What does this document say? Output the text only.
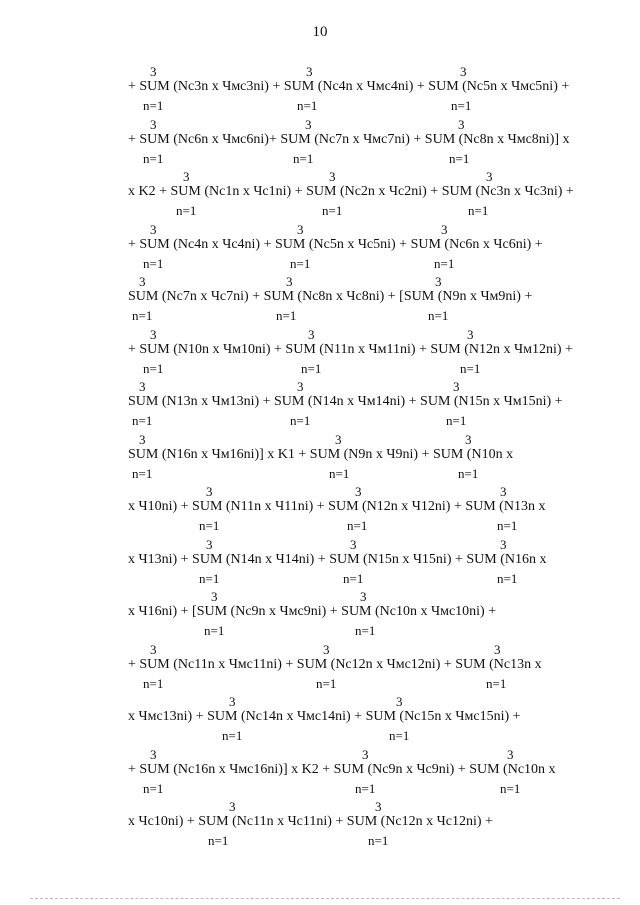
10
3	3	3
+ SUM (Nc3n x Чмс3ni) + SUM (Nc4n x Чмс4ni) + SUM (Nc5n x Чмс5ni) +
n=1	n=1	n=1
3	3	3
+ SUM (Nc6n x Чмс6ni)+ SUM (Nc7n x Чмс7ni) + SUM (Nc8n x Чмс8ni)] x
n=1	n=1	n=1
3	3	3
x K2 + SUM (Nc1n x Чc1ni) + SUM (Nc2n x Чc2ni) + SUM (Nc3n x Чc3ni) +
n=1	n=1	n=1
3	3	3
+ SUM (Nc4n x Чc4ni) + SUM (Nc5n x Чc5ni) + SUM (Nc6n x Чc6ni) +
n=1	n=1	n=1
3	3	3
SUM (Nc7n x Чc7ni) + SUM (Nc8n x Чc8ni) + [SUM (N9n x Чм9ni) +
n=1	n=1	n=1
3	3	3
+ SUM (N10n x Чм10ni) + SUM (N11n x Чм11ni) + SUM (N12n x Чм12ni) +
n=1	n=1	n=1
3	3	3
SUM (N13n x Чм13ni) + SUM (N14n x Чм14ni) + SUM (N15n x Чм15ni) +
n=1	n=1	n=1
3	3	3
SUM (N16n x Чм16ni)] x K1 + SUM (N9n x Ч9ni) + SUM (N10n x
n=1	n=1	n=1
3	3	3
x Ч10ni) + SUM (N11n x Ч11ni) + SUM (N12n x Ч12ni) + SUM (N13n x
n=1	n=1	n=1
3	3	3
x Ч13ni) + SUM (N14n x Ч14ni) + SUM (N15n x Ч15ni) + SUM (N16n x
n=1	n=1	n=1
3	3
x Ч16ni) + [SUM (Nc9n x Чмс9ni) + SUM (Nc10n x Чмс10ni) +
n=1	n=1
3	3	3
+ SUM (Nc11n x Чмс11ni) + SUM (Nc12n x Чмс12ni) + SUM (Nc13n x
n=1	n=1	n=1
3	3
x Чмс13ni) + SUM (Nc14n x Чмс14ni) + SUM (Nc15n x Чмс15ni) +
n=1	n=1
3	3	3
+ SUM (Nc16n x Чмс16ni)] x K2 + SUM (Nc9n x Чc9ni) + SUM (Nc10n x
n=1	n=1	n=1
3	3
x Чc10ni) + SUM (Nc11n x Чc11ni) + SUM (Nc12n x Чc12ni) +
n=1	n=1
